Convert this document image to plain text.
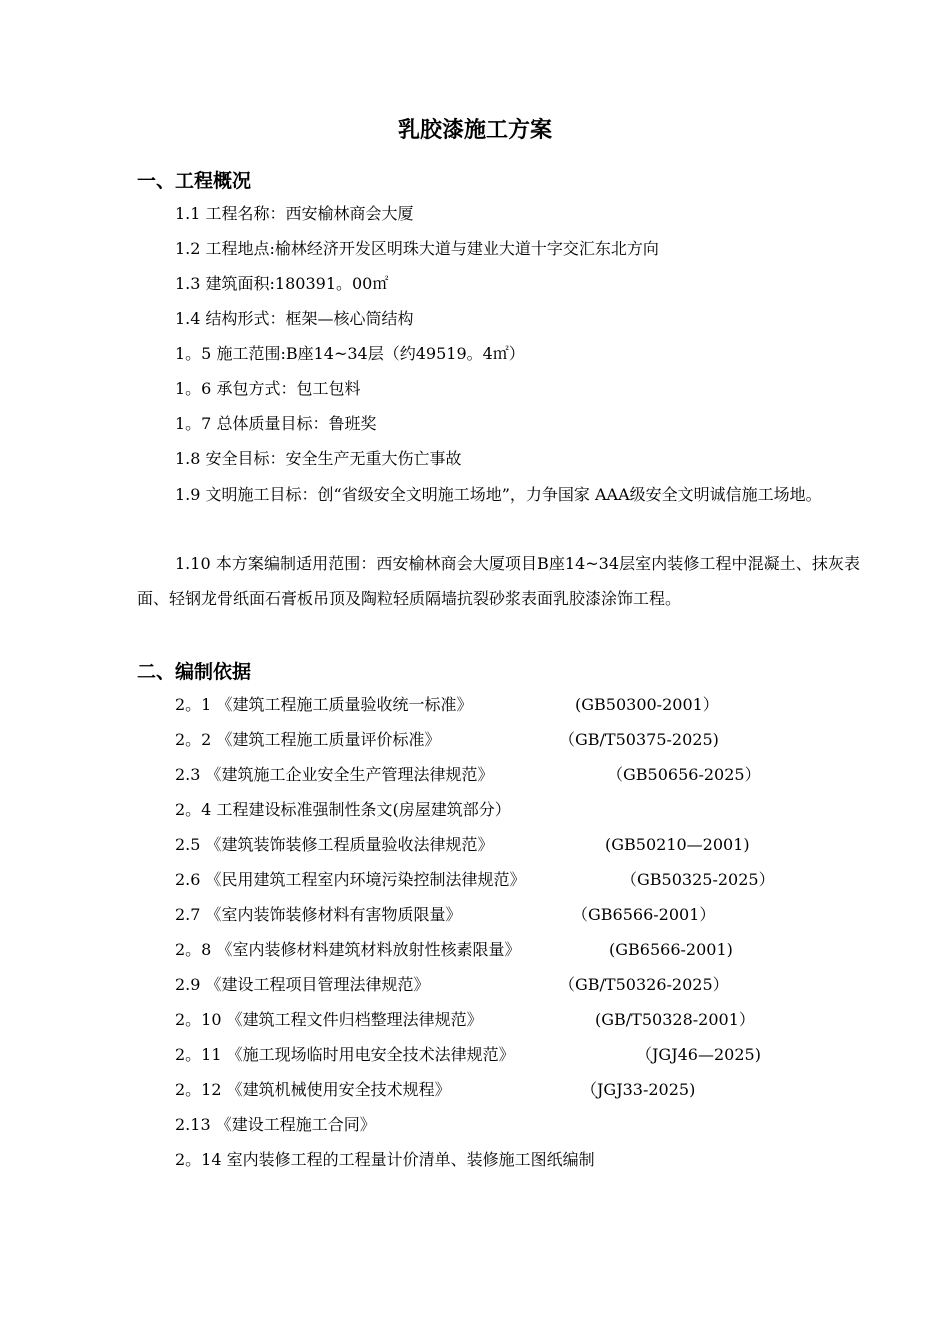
乳胶漆施工方案
一、工程概况
1.1 工程名称：西安榆林商会大厦
1.2 工程地点:榆林经济开发区明珠大道与建业大道十字交汇东北方向
1.3 建筑面积:180391。00㎡
1.4 结构形式：框架—核心筒结构
1。5 施工范围:B座14~34层（约49519。4㎡）
1。6 承包方式：包工包料
1。7 总体质量目标：鲁班奖
1.8 安全目标：安全生产无重大伤亡事故
1.9 文明施工目标：创“省级安全文明施工场地”，力争国家 AAA级安全文明诚信施工场地。
1.10 本方案编制适用范围：西安榆林商会大厦项目B座14~34层室内装修工程中混凝土、抹灰表面、轻钢龙骨纸面石膏板吊顶及陶粒轻质隔墙抗裂砂浆表面乳胶漆涂饰工程。
二、编制依据
2。1 《建筑工程施工质量验收统一标准》	(GB50300-2001）
2。2 《建筑工程施工质量评价标准》	（GB/T50375-2025)
2.3 《建筑施工企业安全生产管理法律规范》	（GB50656-2025）
2。4 工程建设标准强制性条文(房屋建筑部分）
2.5 《建筑装饰装修工程质量验收法律规范》	(GB50210—2001)
2.6 《民用建筑工程室内环境污染控制法律规范》	（GB50325-2025）
2.7 《室内装饰装修材料有害物质限量》	（GB6566-2001）
2。8 《室内装修材料建筑材料放射性核素限量》	(GB6566-2001)
2.9 《建设工程项目管理法律规范》	（GB/T50326-2025）
2。10 《建筑工程文件归档整理法律规范》	(GB/T50328-2001）
2。11 《施工现场临时用电安全技术法律规范》	（JGJ46—2025)
2。12 《建筑机械使用安全技术规程》	（JGJ33-2025)
2.13 《建设工程施工合同》
2。14 室内装修工程的工程量计价清单、装修施工图纸编制
